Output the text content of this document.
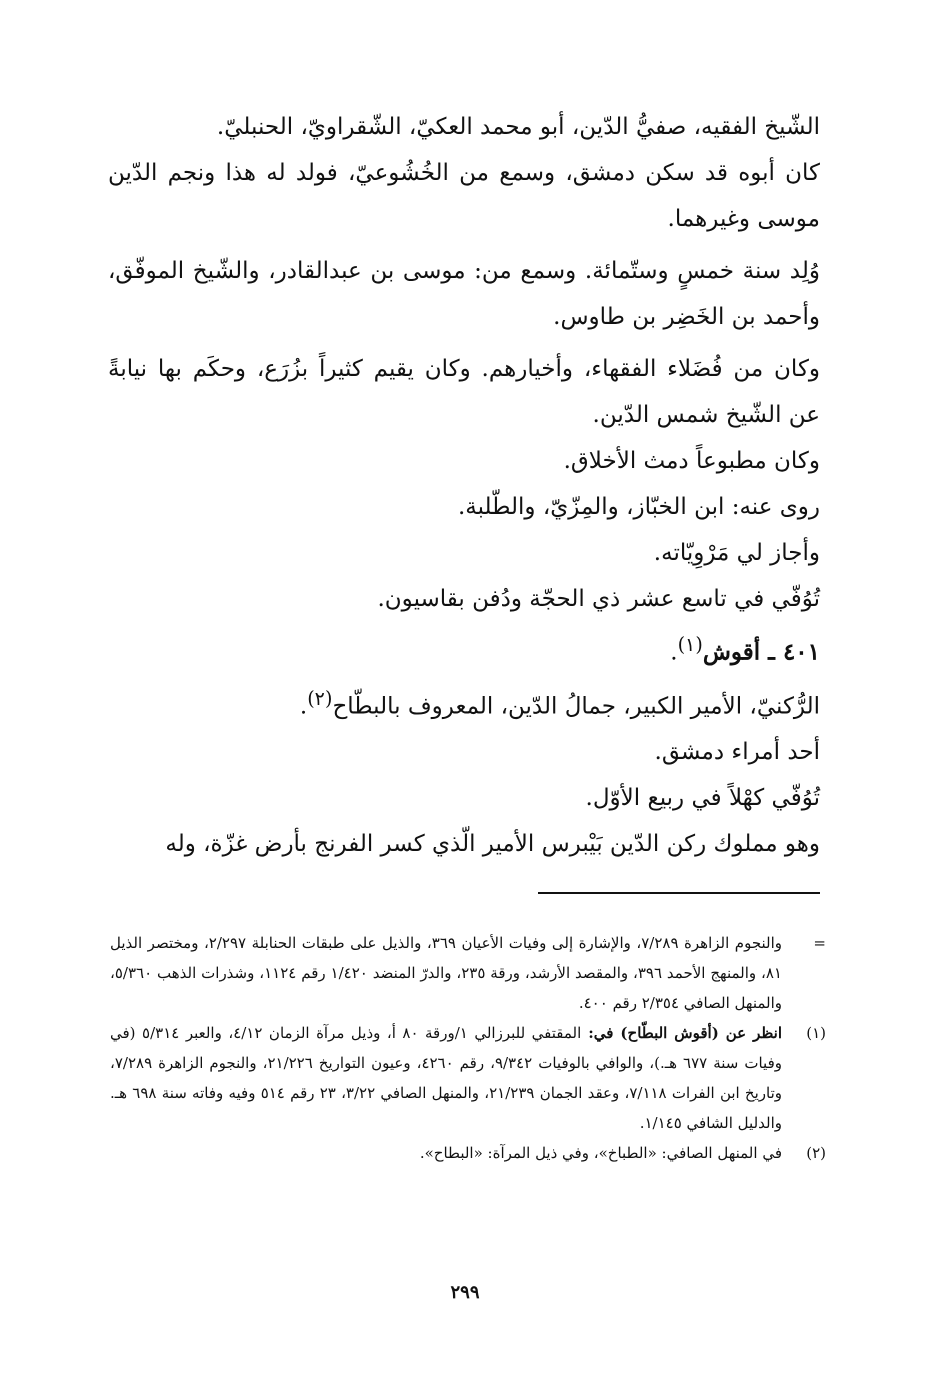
الشّيخ الفقيه، صفيُّ الدّين، أبو محمد العكيّ، الشّقراويّ، الحنبليّ.

كان أبوه قد سكن دمشق، وسمع من الخُشُوعيّ، فولد له هذا ونجم الدّين موسى وغيرهما.

وُلِد سنة خمسٍ وستّمائة. وسمع من: موسى بن عبدالقادر، والشّيخ الموفّق، وأحمد بن الخَضِر بن طاوس.

وكان من فُضَلاء الفقهاء، وأخيارهم. وكان يقيم كثيراً بزُرَع، وحكَم بها نيابةً عن الشّيخ شمس الدّين.

وكان مطبوعاً دمث الأخلاق.

روى عنه: ابن الخبّاز، والمِزّيّ، والطّلبة.

وأجاز لي مَرْوِيّاته.

تُوُفّي في تاسع عشر ذي الحجّة ودُفن بقاسيون.

٤٠١ ـ أقوش$^{(١)}$.

الرُّكنيّ، الأمير الكبير، جمالُ الدّين، المعروف بالبطّاح$^{(٢)}$.

أحد أمراء دمشق.

تُوُفّي كهْلاً في ربيع الأوّل.

وهو مملوك ركن الدّين بَيْبرس الأمير الّذي كسر الفرنج بأرض غزّة، وله

=
والنجوم الزاهرة ٧/٢٨٩، والإشارة إلى وفيات الأعيان ٣٦٩، والذيل على طبقات الحنابلة ٢/٢٩٧، ومختصر الذيل ٨١، والمنهج الأحمد ٣٩٦، والمقصد الأرشد، ورقة ٢٣٥، والدرّ المنضد ١/٤٢٠ رقم ١١٢٤، وشذرات الذهب ٥/٣٦٠، والمنهل الصافي ٢/٣٥٤ رقم ٤٠٠.
(١)
انظر عن (أقوش البطّاح) في: المقتفي للبرزالي ١/ورقة ٨٠ أ، وذيل مرآة الزمان ٤/١٢، والعبر ٥/٣١٤ (في وفيات سنة ٦٧٧ هـ.)، والوافي بالوفيات ٩/٣٤٢، رقم ٤٢٦٠، وعيون التواريخ ٢١/٢٢٦، والنجوم الزاهرة ٧/٢٨٩، وتاريخ ابن الفرات ٧/١١٨، وعقد الجمان ٢١/٢٣٩، والمنهل الصافي ٣/٢٢، ٢٣ رقم ٥١٤ وفيه وفاته سنة ٦٩٨ هـ. والدليل الشافي ١/١٤٥.
(٢)
في المنهل الصافي: «الطباخ»، وفي ذيل المرآة: «البطاح».
٢٩٩
